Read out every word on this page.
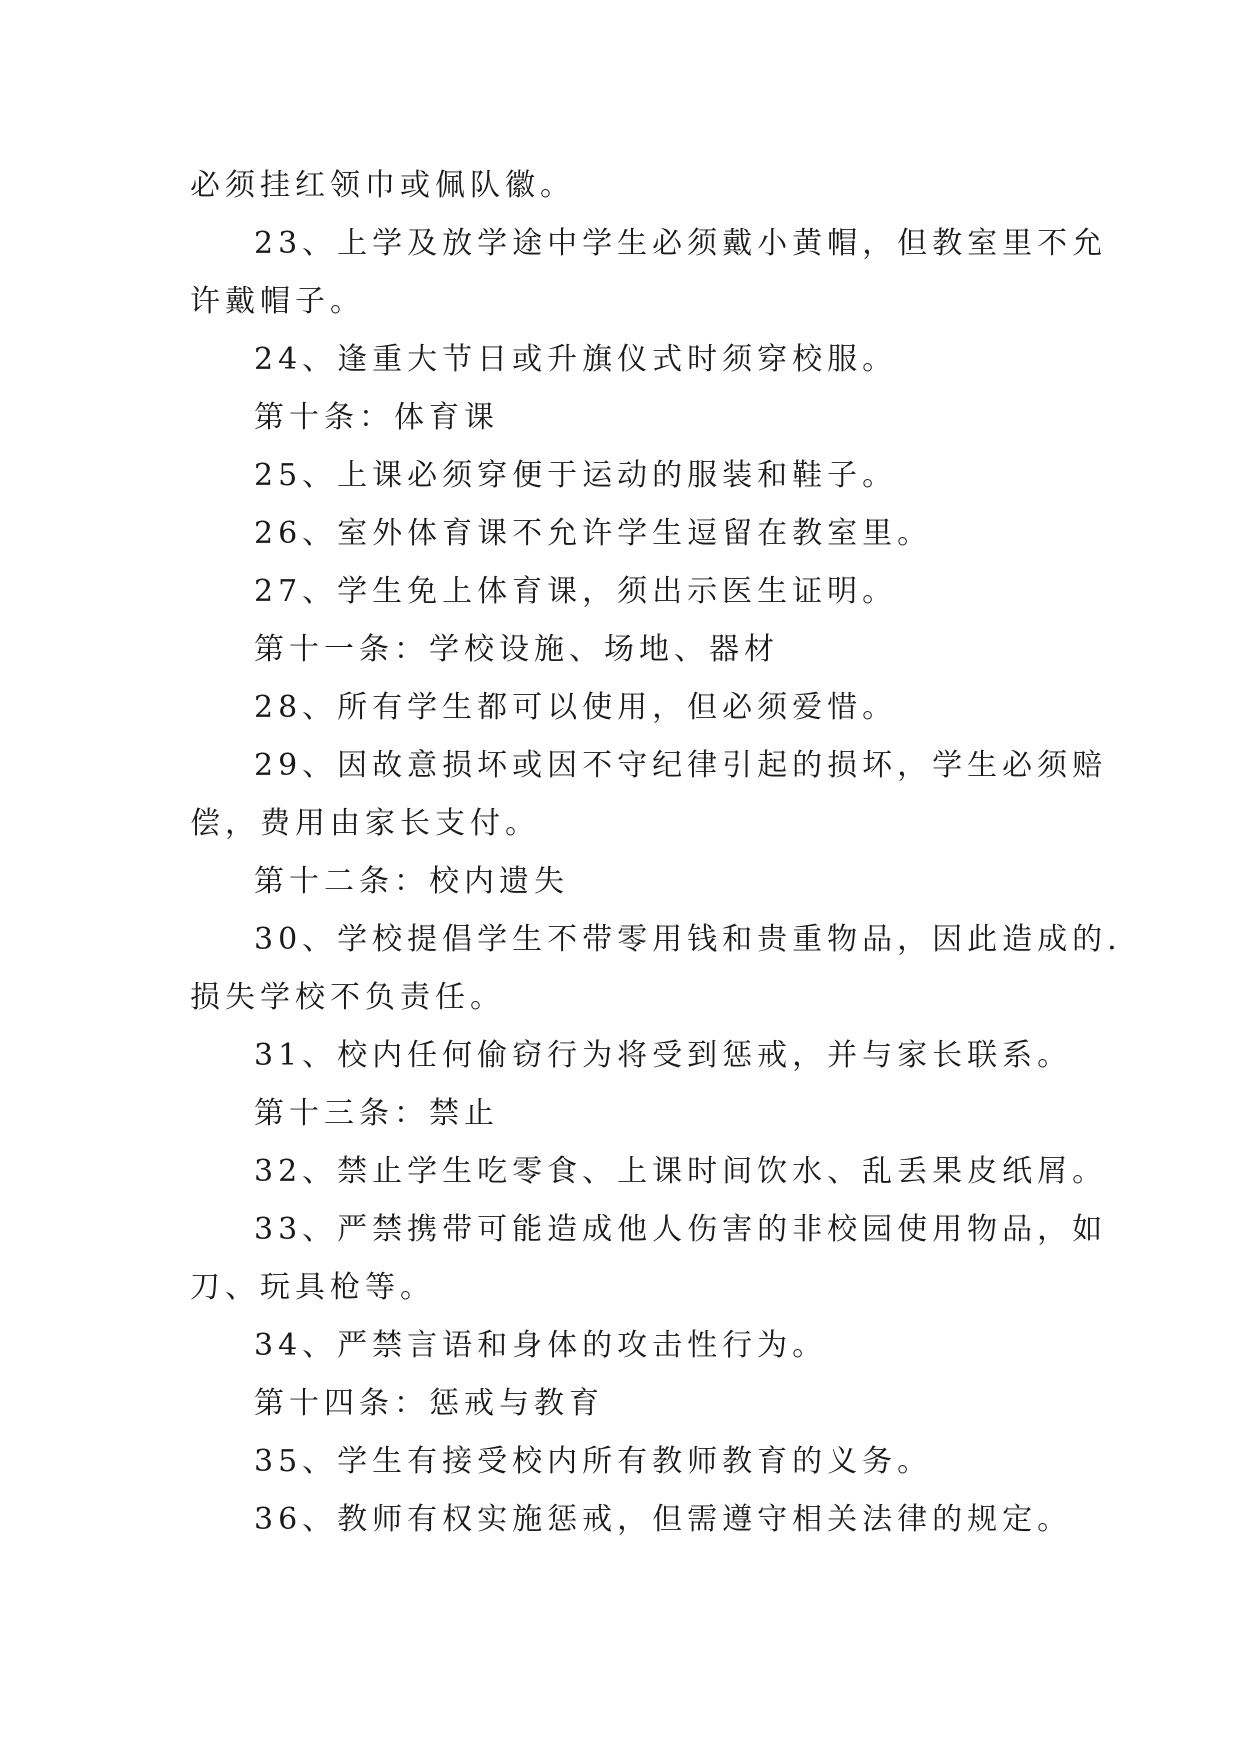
必须挂红领巾或佩队徽。
23、上学及放学途中学生必须戴小黄帽，但教室里不允
许戴帽子。
24、逢重大节日或升旗仪式时须穿校服。
第十条：体育课
25、上课必须穿便于运动的服装和鞋子。
26、室外体育课不允许学生逗留在教室里。
27、学生免上体育课，须出示医生证明。
第十一条：学校设施、场地、器材
28、所有学生都可以使用，但必须爱惜。
29、因故意损坏或因不守纪律引起的损坏，学生必须赔
偿，费用由家长支付。
第十二条：校内遗失
30、学校提倡学生不带零用钱和贵重物品，因此造成的.
损失学校不负责任。
31、校内任何偷窃行为将受到惩戒，并与家长联系。
第十三条：禁止
32、禁止学生吃零食、上课时间饮水、乱丢果皮纸屑。
33、严禁携带可能造成他人伤害的非校园使用物品，如
刀、玩具枪等。
34、严禁言语和身体的攻击性行为。
第十四条：惩戒与教育
35、学生有接受校内所有教师教育的义务。
36、教师有权实施惩戒，但需遵守相关法律的规定。
